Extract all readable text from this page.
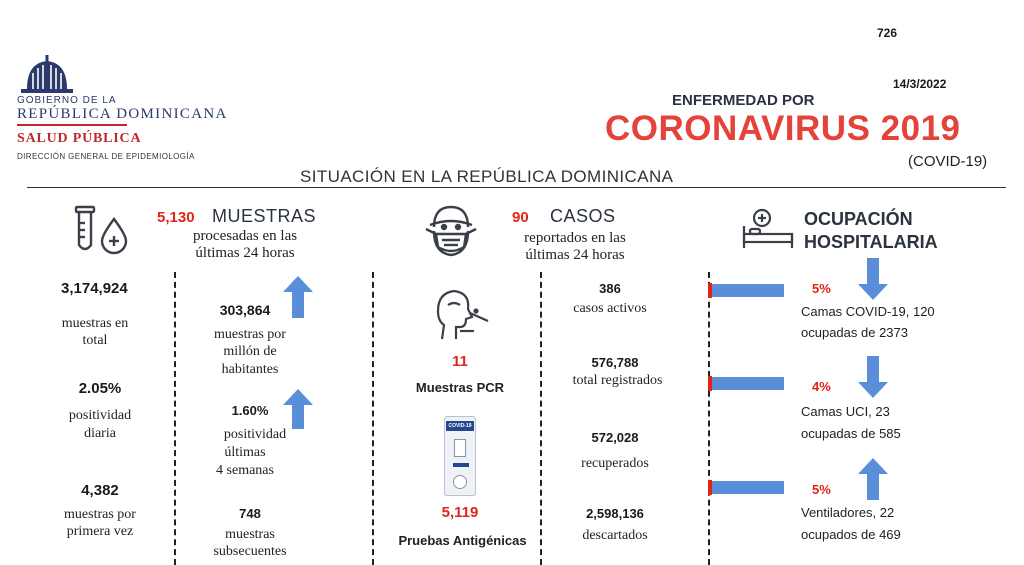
GOBIERNO DE LA
REPÚBLICA DOMINICANA
SALUD PÚBLICA
DIRECCIÓN GENERAL DE EPIDEMIOLOGÍA
726
14/3/2022
ENFERMEDAD POR
CORONAVIRUS 2019
(COVID-19)
SITUACIÓN EN LA REPÚBLICA DOMINICANA
5,130 MUESTRAS
procesadas en las
últimas 24 horas
3,174,924
muestras en
total
2.05%
positividad
diaria
4,382
muestras por
primera vez
303,864
muestras por
millón de
habitantes
1.60%
positividad
últimas
4 semanas
748
muestras
subsecuentes
90 CASOS
reportados en las
últimas 24 horas
11
Muestras PCR
COVID-19
5,119
Pruebas Antigénicas
386
casos activos
576,788
total registrados
572,028
recuperados
2,598,136
descartados
OCUPACIÓN
HOSPITALARIA
5%
Camas COVID-19, 120
ocupadas de 2373
4%
Camas UCI, 23
ocupadas de 585
5%
Ventiladores, 22
ocupados de 469
